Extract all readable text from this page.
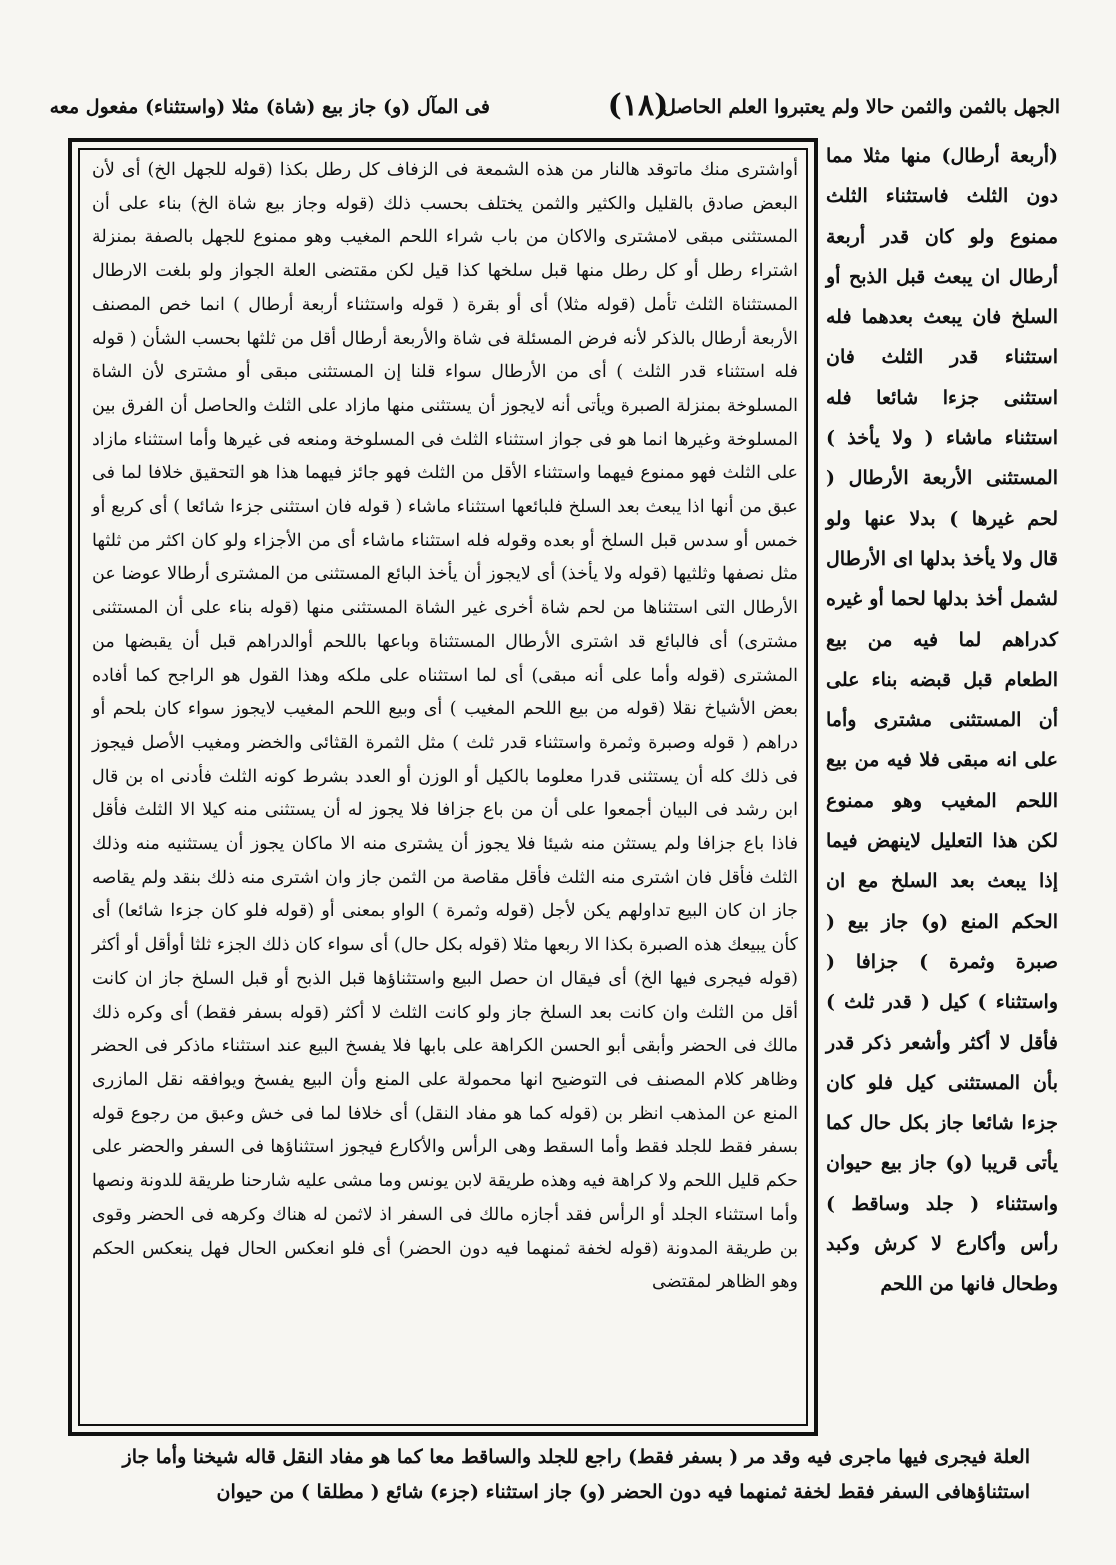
الجهل بالثمن والثمن حالا ولم يعتبروا العلم الحاصل
(١٨)
فى المآل (و) جاز بيع (شاة) مثلا (واستثناء) مفعول معه

(أربعة أرطال) منها مثلا مما دون الثلث فاستثناء الثلث ممنوع ولو كان قدر أربعة أرطال ان يبعث قبل الذبح أو السلخ فان يبعث بعدهما فله استثناء قدر الثلث فان استثنى جزءا شائعا فله استثناء ماشاء ( ولا يأخذ ) المستثنى الأربعة الأرطال ( لحم غيرها ) بدلا عنها ولو قال ولا يأخذ بدلها اى الأرطال لشمل أخذ بدلها لحما أو غيره كدراهم لما فيه من بيع الطعام قبل قبضه بناء على أن المستثنى مشترى وأما على انه مبقى فلا فيه من بيع اللحم المغيب وهو ممنوع لكن هذا التعليل لاينهض فيما إذا يبعث بعد السلخ مع ان الحكم المنع (و) جاز بيع ( صبرة وثمرة ) جزافا ( واستثناء ) كيل ( قدر ثلث ) فأقل لا أكثر وأشعر ذكر قدر بأن المستثنى كيل فلو كان جزءا شائعا جاز بكل حال كما يأتى قريبا (و) جاز بيع حيوان واستثناء ( جلد وساقط ) رأس وأكارع لا كرش وكبد وطحال فانها من اللحم

أواشترى منك ماتوقد هالنار من هذه الشمعة فى الزفاف كل رطل بكذا (قوله للجهل الخ) أى لأن البعض صادق بالقليل والكثير والثمن يختلف بحسب ذلك (قوله وجاز بيع شاة الخ) بناء على أن المستثنى مبقى لامشترى والاكان من باب شراء اللحم المغيب وهو ممنوع للجهل بالصفة بمنزلة اشتراء رطل أو كل رطل منها قبل سلخها كذا قيل لكن مقتضى العلة الجواز ولو بلغت الارطال المستثناة الثلث تأمل (قوله مثلا) أى أو بقرة ( قوله واستثناء أربعة أرطال ) انما خص المصنف الأربعة أرطال بالذكر لأنه فرض المسئلة فى شاة والأربعة أرطال أقل من ثلثها بحسب الشأن ( قوله فله استثناء قدر الثلث ) أى من الأرطال سواء قلنا إن المستثنى مبقى أو مشترى لأن الشاة المسلوخة بمنزلة الصبرة ويأتى أنه لايجوز أن يستثنى منها مازاد على الثلث والحاصل أن الفرق بين المسلوخة وغيرها انما هو فى جواز استثناء الثلث فى المسلوخة ومنعه فى غيرها وأما استثناء مازاد على الثلث فهو ممنوع فيهما واستثناء الأقل من الثلث فهو جائز فيهما هذا هو التحقيق خلافا لما فى عبق من أنها اذا يبعث بعد السلخ فلبائعها استثناء ماشاء ( قوله فان استثنى جزءا شائعا ) أى كربع أو خمس أو سدس قبل السلخ أو بعده وقوله فله استثناء ماشاء أى من الأجزاء ولو كان اكثر من ثلثها مثل نصفها وثلثيها (قوله ولا يأخذ) أى لايجوز أن يأخذ البائع المستثنى من المشترى أرطالا عوضا عن الأرطال التى استثناها من لحم شاة أخرى غير الشاة المستثنى منها (قوله بناء على أن المستثنى مشترى) أى فالبائع قد اشترى الأرطال المستثناة وباعها باللحم أوالدراهم قبل أن يقبضها من المشترى (قوله وأما على أنه مبقى) أى لما استثناه على ملكه وهذا القول هو الراجح كما أفاده بعض الأشياخ نقلا (قوله من بيع اللحم المغيب ) أى وبيع اللحم المغيب لايجوز سواء كان بلحم أو دراهم ( قوله وصبرة وثمرة واستثناء قدر ثلث ) مثل الثمرة القثائى والخضر ومغيب الأصل فيجوز فى ذلك كله أن يستثنى قدرا معلوما بالكيل أو الوزن أو العدد بشرط كونه الثلث فأدنى اه بن قال ابن رشد فى البيان أجمعوا على أن من باع جزافا فلا يجوز له أن يستثنى منه كيلا الا الثلث فأقل فاذا باع جزافا ولم يستثن منه شيئا فلا يجوز أن يشترى منه الا ماكان يجوز أن يستثنيه منه وذلك الثلث فأقل فان اشترى منه الثلث فأقل مقاصة من الثمن جاز وان اشترى منه ذلك بنقد ولم يقاصه جاز ان كان البيع تداولهم يكن لأجل (قوله وثمرة ) الواو بمعنى أو (قوله فلو كان جزءا شائعا) أى كأن يبيعك هذه الصبرة بكذا الا ربعها مثلا (قوله بكل حال) أى سواء كان ذلك الجزء ثلثا أوأقل أو أكثر (قوله فيجرى فيها الخ) أى فيقال ان حصل البيع واستثناؤها قبل الذبح أو قبل السلخ جاز ان كانت أقل من الثلث وان كانت بعد السلخ جاز ولو كانت الثلث لا أكثر (قوله بسفر فقط) أى وكره ذلك مالك فى الحضر وأبقى أبو الحسن الكراهة على بابها فلا يفسخ البيع عند استثناء ماذكر فى الحضر وظاهر كلام المصنف فى التوضيح انها محمولة على المنع وأن البيع يفسخ ويوافقه نقل المازرى المنع عن المذهب انظر بن (قوله كما هو مفاد النقل) أى خلافا لما فى خش وعبق من رجوع قوله بسفر فقط للجلد فقط وأما السقط وهى الرأس والأكارع فيجوز استثناؤها فى السفر والحضر على حكم قليل اللحم ولا كراهة فيه وهذه طريقة لابن يونس وما مشى عليه شارحنا طريقة للدونة ونصها وأما استثناء الجلد أو الرأس فقد أجازه مالك فى السفر اذ لاثمن له هناك وكرهه فى الحضر وقوى بن طريقة المدونة (قوله لخفة ثمنهما فيه دون الحضر) أى فلو انعكس الحال فهل ينعكس الحكم وهو الظاهر لمقتضى

العلة فيجرى فيها ماجرى فيه وقد مر ( بسفر فقط) راجع للجلد والساقط معا كما هو مفاد النقل قاله شيخنا وأما جاز

استثناؤهافى السفر فقط لخفة ثمنهما فيه دون الحضر (و) جاز استثناء (جزء) شائع ( مطلقا ) من حيوان
